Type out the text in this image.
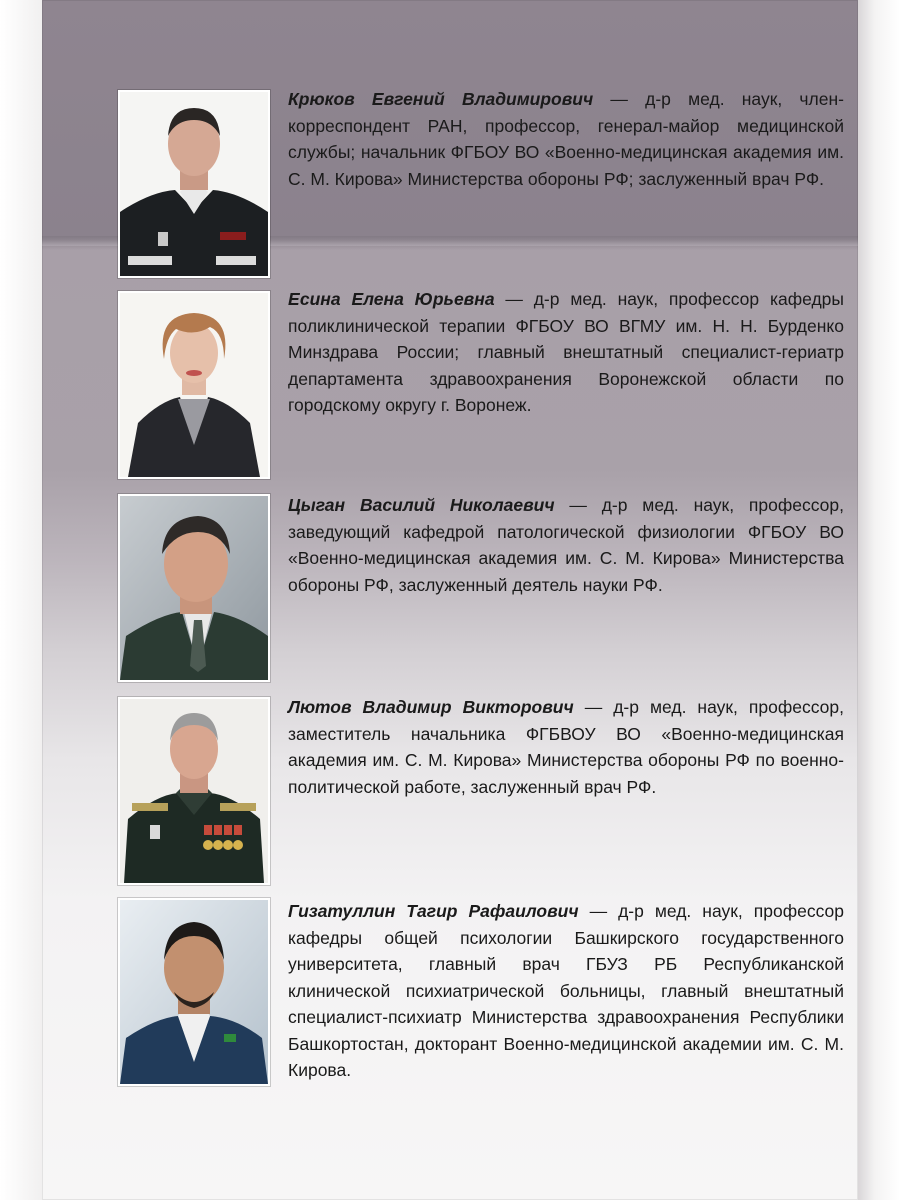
Крюков Евгений Владимирович — д-р мед. наук, член-корреспондент РАН, профессор, генерал-майор медицинской службы; начальник ФГБОУ ВО «Военно-медицинская академия им. С. М. Кирова» Министерства обороны РФ; заслуженный врач РФ.
Есина Елена Юрьевна — д-р мед. наук, профессор кафедры поликлинической терапии ФГБОУ ВО ВГМУ им. Н. Н. Бурденко Минздрава России; главный внештатный специалист-гериатр департамента здравоохранения Воронежской области по городскому округу г. Воронеж.
Цыган Василий Николаевич — д-р мед. наук, профессор, заведующий кафедрой патологической физиологии ФГБОУ ВО «Военно-медицинская академия им. С. М. Кирова» Министерства обороны РФ, заслуженный деятель науки РФ.
Лютов Владимир Викторович — д-р мед. наук, профессор, заместитель начальника ФГБВОУ ВО «Военно-медицинская академия им. С. М. Кирова» Министерства обороны РФ по военно-политической работе, заслуженный врач РФ.
Гизатуллин Тагир Рафаилович — д-р мед. наук, профессор кафедры общей психологии Башкирского государственного университета, главный врач ГБУЗ РБ Республиканской клинической психиатрической больницы, главный внештатный специалист-психиатр Министерства здравоохранения Республики Башкортостан, докторант Военно-медицинской академии им. С. М. Кирова.
